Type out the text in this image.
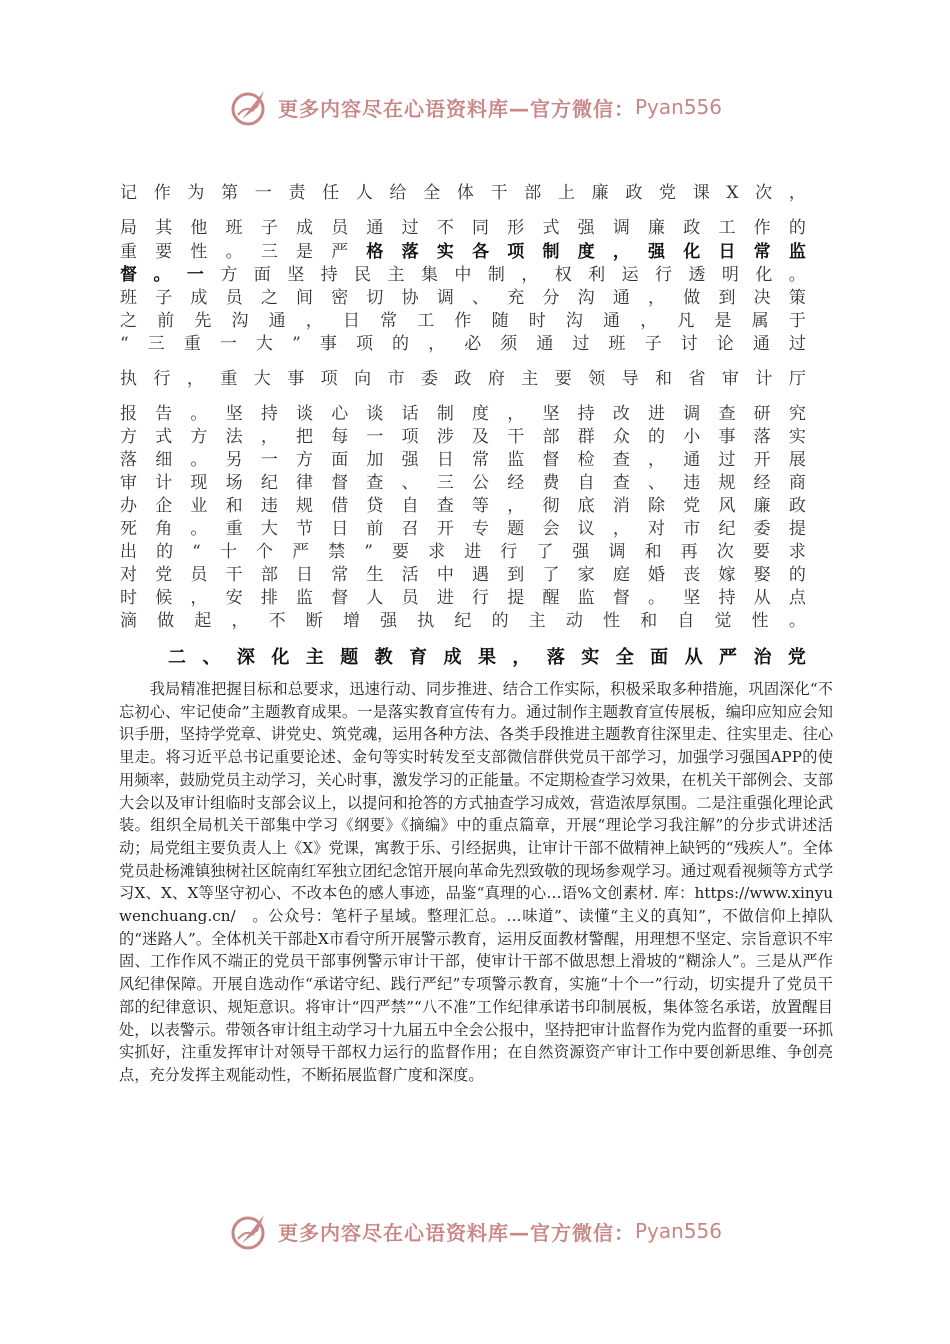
更多内容尽在心语资料库—官方微信： Pyan556
记 作 为 第 一 责 任 人 给 全 体 干 部 上 廉 政 党 课 X 次 ，
局 其 他 班 子 成 员 通 过 不 同 形 式 强 调 廉 政 工 作 的
重 要 性 。 三 是 严 格 落 实 各 项 制 度 ， 强 化 日 常 监
督 。 一 方 面 坚 持 民 主 集 中 制 ， 权 利 运 行 透 明 化 。
班 子 成 员 之 间 密 切 协 调 、 充 分 沟 通 ， 做 到 决 策
之 前 先 沟 通 ， 日 常 工 作 随 时 沟 通 ， 凡 是 属 于
“ 三 重 一 大 ” 事 项 的 ， 必 须 通 过 班 子 讨 论 通 过
执 行 ， 重 大 事 项 向 市 委 政 府 主 要 领 导 和 省 审 计 厅
报 告 。 坚 持 谈 心 谈 话 制 度 ， 坚 持 改 进 调 查 研 究
方 式 方 法 ， 把 每 一 项 涉 及 干 部 群 众 的 小 事 落 实
落 细 。 另 一 方 面 加 强 日 常 监 督 检 查 ， 通 过 开 展
审 计 现 场 纪 律 督 查 、 三 公 经 费 自 查 、 违 规 经 商
办 企 业 和 违 规 借 贷 自 查 等 ， 彻 底 消 除 党 风 廉 政
死 角 。 重 大 节 日 前 召 开 专 题 会 议 ， 对 市 纪 委 提
出 的 “ 十 个 严 禁 ” 要 求 进 行 了 强 调 和 再 次 要 求
对 党 员 干 部 日 常 生 活 中 遇 到 了 家 庭 婚 丧 嫁 娶 的
时 候 ， 安 排 监 督 人 员 进 行 提 醒 监 督 。 坚 持 从 点
滴 做 起 ， 不 断 增 强 执 纪 的 主 动 性 和 自 觉 性 。
二 、 深 化 主 题 教 育 成 果 ， 落 实 全 面 从 严 治 党

　　我局精准把握目标和总要求，迅速行动、同步推进、结合工作实际，积极采取多种措施，巩固深化“不忘初心、牢记使命”主题教育成果。一是落实教育宣传有力。通过制作主题教育宣传展板，编印应知应会知识手册，坚持学党章、讲党史、筑党魂，运用各种方法、各类手段推进主题教育往深里走、往实里走、往心里走。将习近平总书记重要论述、金句等实时转发至支部微信群供党员干部学习，加强学习强国APP的使用频率，鼓励党员主动学习，关心时事，激发学习的正能量。不定期检查学习效果，在机关干部例会、支部大会以及审计组临时支部会议上，以提问和抢答的方式抽查学习成效，营造浓厚氛围。二是注重强化理论武装。组织全局机关干部集中学习《纲要》《摘编》中的重点篇章，开展“理论学习我注解”的分步式讲述活动；局党组主要负责人上《X》党课，寓教于乐、引经据典，让审计干部不做精神上缺钙的“残疾人”。全体党员赴杨滩镇独树社区皖南红军独立团纪念馆开展向革命先烈致敬的现场参观学习。通过观看视频等方式学习X、X、X等坚守初心、不改本色的感人事迹，品鉴“真理的心…语%文创素材. 库：https://www.xinyuwenchuang.cn/　。公众号：笔杆子星域。整理汇总。…味道”、读懂“主义的真知”，不做信仰上掉队的“迷路人”。全体机关干部赴X市看守所开展警示教育，运用反面教材警醒，用理想不坚定、宗旨意识不牢固、工作作风不端正的党员干部事例警示审计干部，使审计干部不做思想上滑坡的“糊涂人”。三是从严作风纪律保障。开展自选动作“承诺守纪、践行严纪”专项警示教育，实施“十个一”行动，切实提升了党员干部的纪律意识、规矩意识。将审计“四严禁”“八不准”工作纪律承诺书印制展板，集体签名承诺，放置醒目处，以表警示。带领各审计组主动学习十九届五中全会公报中，坚持把审计监督作为党内监督的重要一环抓实抓好，注重发挥审计对领导干部权力运行的监督作用；在自然资源资产审计工作中要创新思维、争创亮点，充分发挥主观能动性，不断拓展监督广度和深度。

更多内容尽在心语资料库—官方微信： Pyan556
